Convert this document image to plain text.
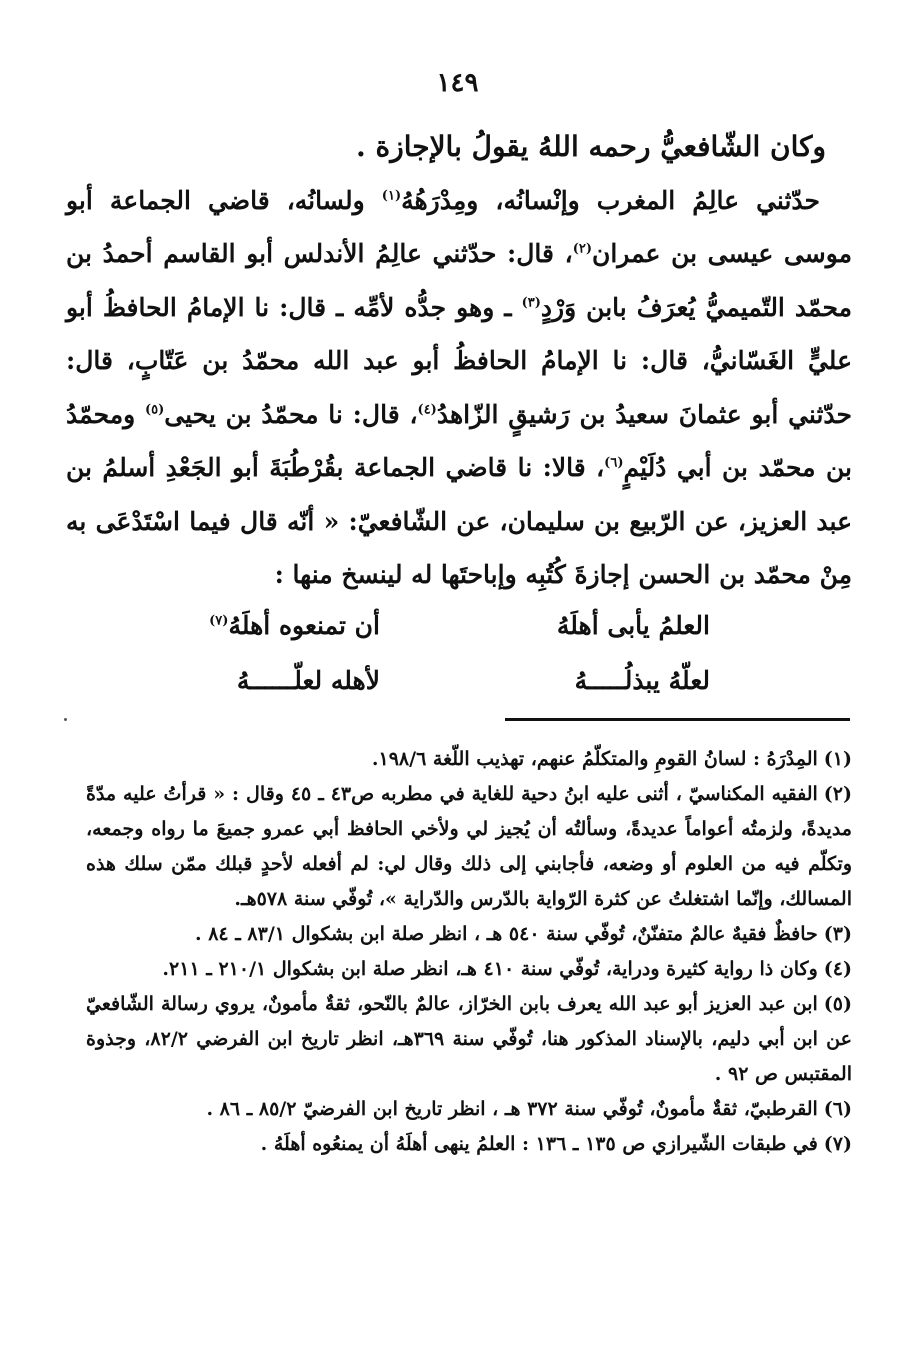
١٤٩

وكان الشّافعيُّ رحمه اللهُ يقولُ بالإجازة .

حدّثني عالِمُ المغرب وإنْسانُه، ومِدْرَهُهُ$^{(١)}$ ولسانُه، قاضي الجماعة أبو موسى عيسى بن عمران$^{(٢)}$، قال: حدّثني عالِمُ الأندلس أبو القاسم أحمدُ بن محمّد التّميميُّ يُعرَفُ بابن وَرْدٍ$^{(٣)}$ ـ وهو جدُّه لأمِّه ـ قال: نا الإمامُ الحافظُ أبو عليٍّ الغَسّانيُّ، قال: نا الإمامُ الحافظُ أبو عبد الله محمّدُ بن عَتّابٍ، قال: حدّثني أبو عثمانَ سعيدُ بن رَشيقٍ الزّاهدُ$^{(٤)}$، قال: نا محمّدُ بن يحيى$^{(٥)}$ ومحمّدُ بن محمّد بن أبي دُلَيْمٍ$^{(٦)}$، قالا: نا قاضي الجماعة بقُرْطُبَةَ أبو الجَعْدِ أسلمُ بن عبد العزيز، عن الرّبيع بن سليمان، عن الشّافعيّ: « أنّه قال فيما اسْتَدْعَى به مِنْ محمّد بن الحسن إجازةَ كُتُبِه وإباحتَها له لينسخ منها :

العلمُ يأبى أهلَهُ
أن تمنعوه أهلَهُ$^{(٧)}$
لعلّهُ يبذلُـــــهُ
لأهله لعلّــــــهُ

(١)المِدْرَهُ : لسانُ القومِ والمتكلّمُ عنهم، تهذيب اللّغة ١٩٨/٦.

(٢)الفقيه المكناسيّ ، أثنى عليه ابنُ دحية للغاية في مطربه ص٤٣ ـ ٤٥ وقال : « قرأتُ عليه مدّةً مديدةً، ولزمتُه أعواماً عديدةً، وسألتُه أن يُجيز لي ولأخي الحافظ أبي عمرو جميعَ ما رواه وجمعه، وتكلّم فيه من العلوم أو وضعه، فأجابني إلى ذلك وقال لي: لم أفعله لأحدٍ قبلك ممّن سلك هذه المسالك، وإنّما اشتغلتُ عن كثرة الرّواية بالدّرس والدّراية »، تُوفّي سنة ٥٧٨هـ.

(٣)حافظٌ فقيهٌ عالمٌ متفنّنٌ، تُوفّي سنة ٥٤٠ هـ ، انظر صلة ابن بشكوال ٨٣/١ ـ ٨٤ .

(٤)وكان ذا رواية كثيرة ودراية، تُوفّي سنة ٤١٠ هـ، انظر صلة ابن بشكوال ٢١٠/١ ـ ٢١١.

(٥)ابن عبد العزيز أبو عبد الله يعرف بابن الخرّاز، عالمٌ بالنّحو، ثقةٌ مأمونٌ، يروي رسالة الشّافعيّ عن ابن أبي دليم، بالإسناد المذكور هنا، تُوفّي سنة ٣٦٩هـ، انظر تاريخ ابن الفرضي ٨٢/٢، وجذوة المقتبس ص ٩٢ .

(٦)القرطبيّ، ثقةٌ مأمونٌ، تُوفّي سنة ٣٧٢ هـ ، انظر تاريخ ابن الفرضيّ ٨٥/٢ ـ ٨٦ .

(٧)في طبقات الشّيرازي ص ١٣٥ ـ ١٣٦ : العلمُ ينهى أهلَهُ أن يمنعُوه أهلَهُ .
